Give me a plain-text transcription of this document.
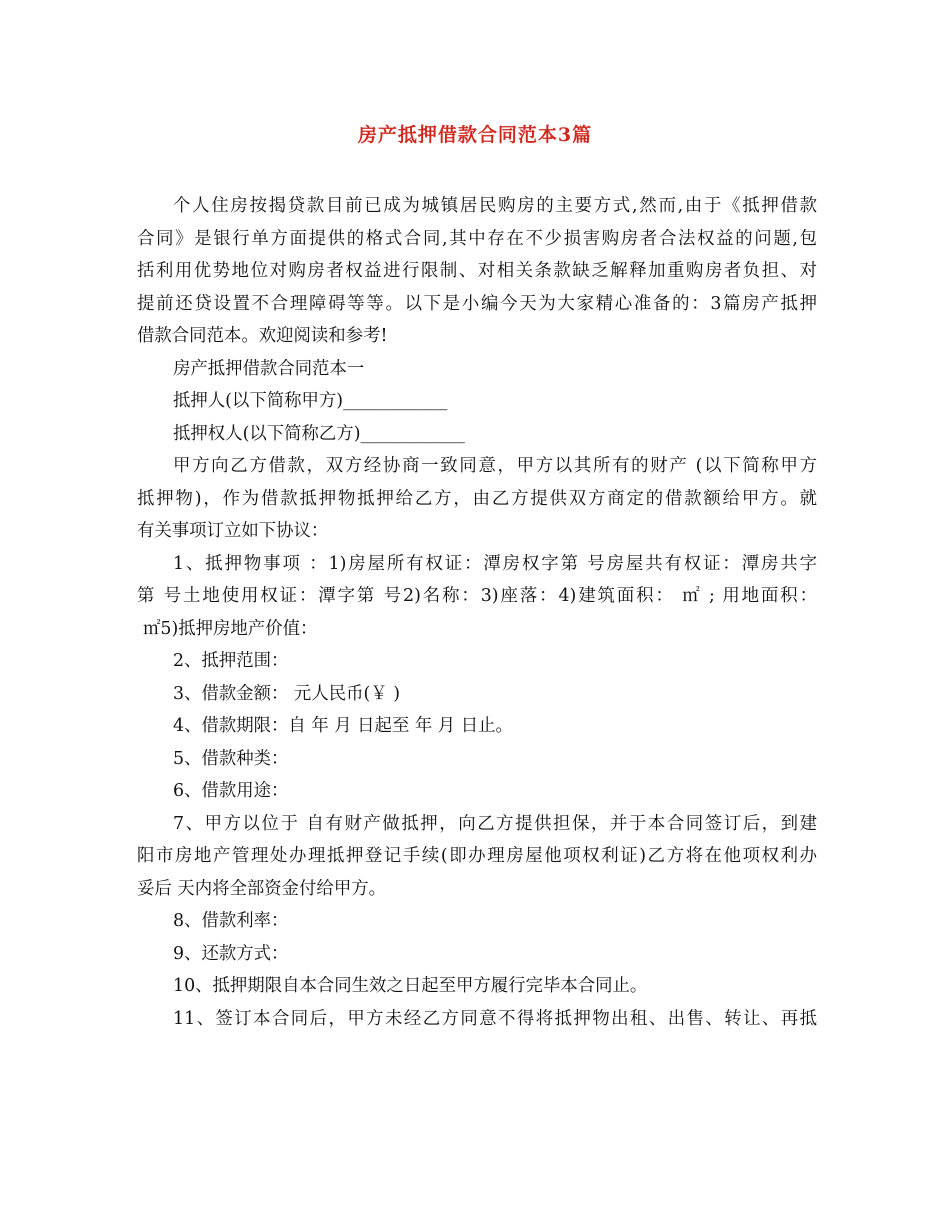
房产抵押借款合同范本3篇
个人住房按揭贷款目前已成为城镇居民购房的主要方式,然而,由于《抵押借款
合同》是银行单方面提供的格式合同,其中存在不少损害购房者合法权益的问题,包
括利用优势地位对购房者权益进行限制、对相关条款缺乏解释加重购房者负担、对
提前还贷设置不合理障碍等等。以下是小编今天为大家精心准备的：3篇房产抵押
借款合同范本。欢迎阅读和参考!
房产抵押借款合同范本一
抵押人(以下简称甲方)____________
抵押权人(以下简称乙方)____________
甲方向乙方借款，双方经协商一致同意，甲方以其所有的财产 (以下简称甲方
抵押物)，作为借款抵押物抵押给乙方，由乙方提供双方商定的借款额给甲方。就
有关事项订立如下协议：
1、抵押物事项 ：1)房屋所有权证：潭房权字第 号房屋共有权证：潭房共字
第 号土地使用权证：潭字第 号2)名称：3)座落：4)建筑面积： ㎡ ; 用地面积：
㎡5)抵押房地产价值：
2、抵押范围：
3、借款金额： 元人民币(￥ )
4、借款期限：自 年 月 日起至 年 月 日止。
5、借款种类：
6、借款用途：
7、甲方以位于 自有财产做抵押，向乙方提供担保，并于本合同签订后，到建
阳市房地产管理处办理抵押登记手续(即办理房屋他项权利证)乙方将在他项权利办
妥后 天内将全部资金付给甲方。
8、借款利率：
9、还款方式：
10、抵押期限自本合同生效之日起至甲方履行完毕本合同止。
11、签订本合同后，甲方未经乙方同意不得将抵押物出租、出售、转让、再抵
